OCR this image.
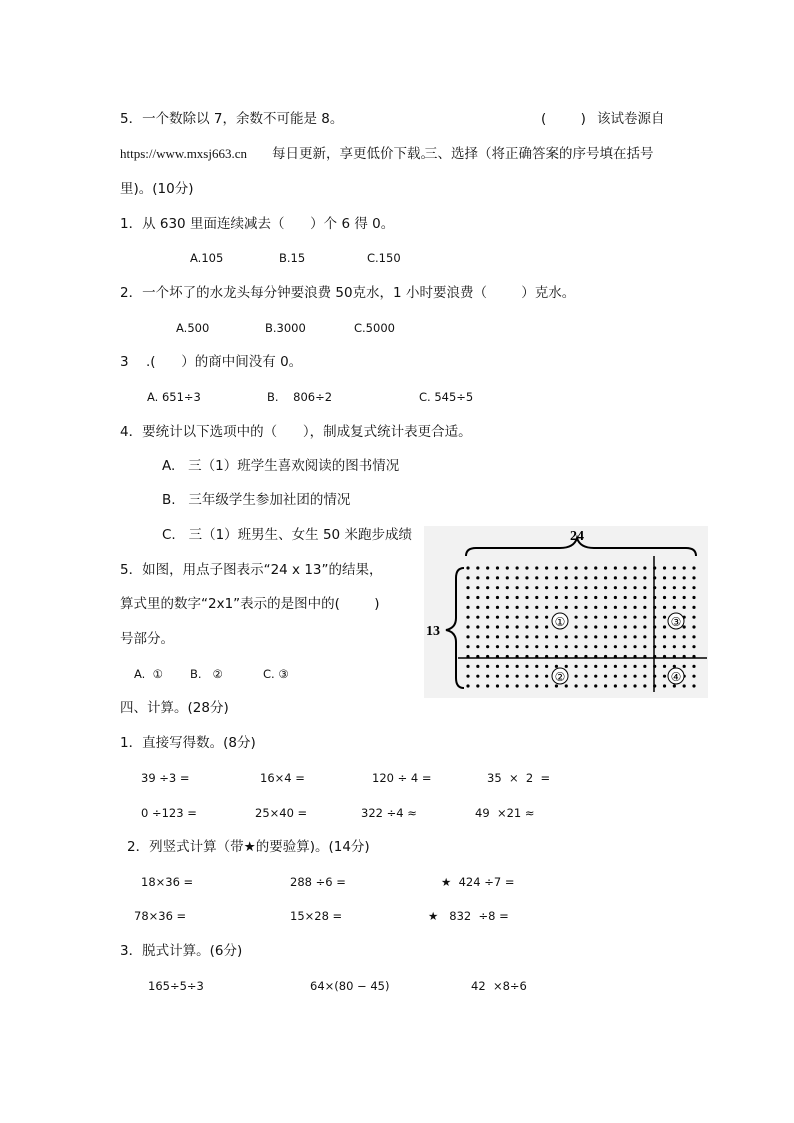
5．一个数除以 7，余数不可能是 8。	(        ) 该试卷源自
https://www.mxsj663.cn 每日更新，享更低价下载。
三、选择（将正确答案的序号填在括号
里)。(10分)
1．从 630 里面连续减去（      ）个 6 得 0。
A.105	B.15	C.150
2．一个坏了的水龙头每分钟要浪费 50克水，1 小时要浪费（        ）克水。
A.500	B.3000	C.5000
3 .(      ）的商中间没有 0。
A. 651÷3	B.    806÷2	C. 545÷5
4．要统计以下选项中的（      ），制成复式统计表更合适。
A.   三（1）班学生喜欢阅读的图书情况
B.   三年级学生参加社团的情况
C.   三（1）班男生、女生 50 米跑步成绩
5．如图，用点子图表示“24 x 13”的结果，
算式里的数字“2x1”表示的是图中的(        )
号部分。
A.  ① B.   ②	C. ③
24
13
①
②
③
④
四、计算。(28分)
1．直接写得数。(8分)
39 ÷3 =	16×4 =	120 ÷ 4 =	35  ×  2  =
0 ÷123 =	25×40 =	322 ÷4 ≈	49  ×21 ≈
2．列竖式计算（带★的要验算)。(14分)
18×36 =	288 ÷6 =	★  424 ÷7 =
78×36 =	15×28 =	★   832  ÷8 =
3．脱式计算。(6分)
165÷5÷3	64×(80 − 45)	42  ×8÷6
